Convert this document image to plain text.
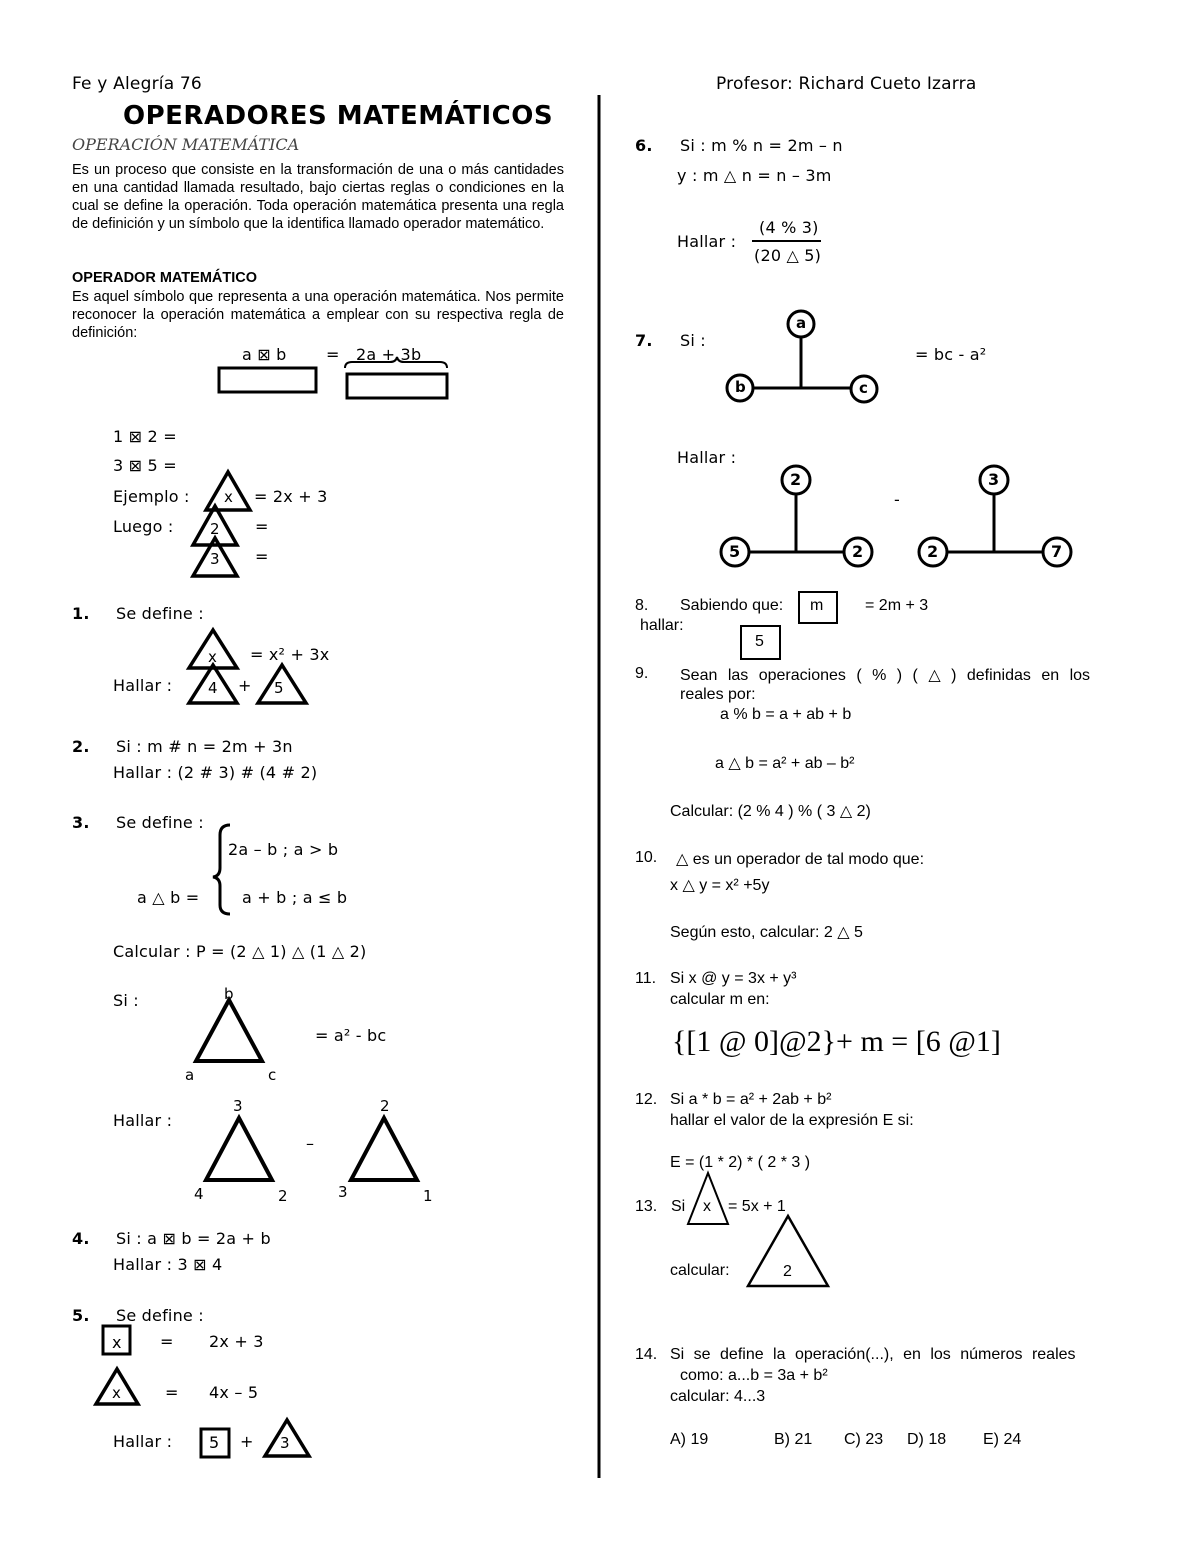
Fe y Alegría 76	Profesor: Richard Cueto Izarra
OPERADORES MATEMÁTICOS
OPERACIÓN MATEMÁTICA
Es un proceso que consiste en la transformación de una o más cantidades en una cantidad llamada resultado, bajo ciertas reglas o condiciones en la cual se define la operación. Toda operación matemática presenta una regla de definición y un símbolo que la identifica llamado operador matemático.
OPERADOR MATEMÁTICO
Es aquel símbolo que representa a una operación matemática. Nos permite reconocer la operación matemática a emplear con su respectiva regla de definición:
a ⊠ b = 2a + 3b
1 ⊠ 2 =
3 ⊠ 5 =
Ejemplo : x = 2x + 3
Luego : 2 =
3 =
1. Se define :
x = x² + 3x
Hallar : 4 + 5
2. Si : m # n = 2m + 3n
Hallar : (2 # 3) # (4 # 2)
3. Se define :
2a – b ; a > b
a △ b =	a + b ; a ≤ b
Calcular : P = (2 △ 1) △ (1 △ 2)
Si :	b
a	c
= a² - bc
Hallar :
3
4	2
–
2
3	1
4. Si : a ⊠ b = 2a + b
Hallar : 3 ⊠ 4
5. Se define :
x = 2x + 3
x	= 4x – 5
Hallar : 5 + 3
6. Si : m % n = 2m – n
y : m △ n = n – 3m
Hallar :
(4 % 3)
(20 △ 5)
7. Si :
a
b	c
= bc - a²
Hallar :
2
5	2
-
3
2	7
8. Sabiendo que: m	= 2m + 3
hallar:
5
9. Sean las operaciones ( % ) ( △ ) definidas en los
reales por:
a % b = a + ab + b
a △ b = a² + ab – b²
Calcular: (2 % 4 ) % ( 3 △ 2)
10. △ es un operador de tal modo que:
x △ y = x² +5y
Según esto, calcular: 2 △ 5
11. Si x @ y = 3x + y³
calcular m en:
{[1 @ 0]@2}+ m = [6 @1]
12. Si a * b = a² + 2ab + b²
hallar el valor de la expresión E si:
E = (1 * 2) * ( 2 * 3 )
13. Si x = 5x + 1
calcular:	2
14. Si se define la operación(...), en los números reales
como: a...b = 3a + b²
calcular: 4...3
A) 19	B) 21 C) 23 D) 18 E) 24
